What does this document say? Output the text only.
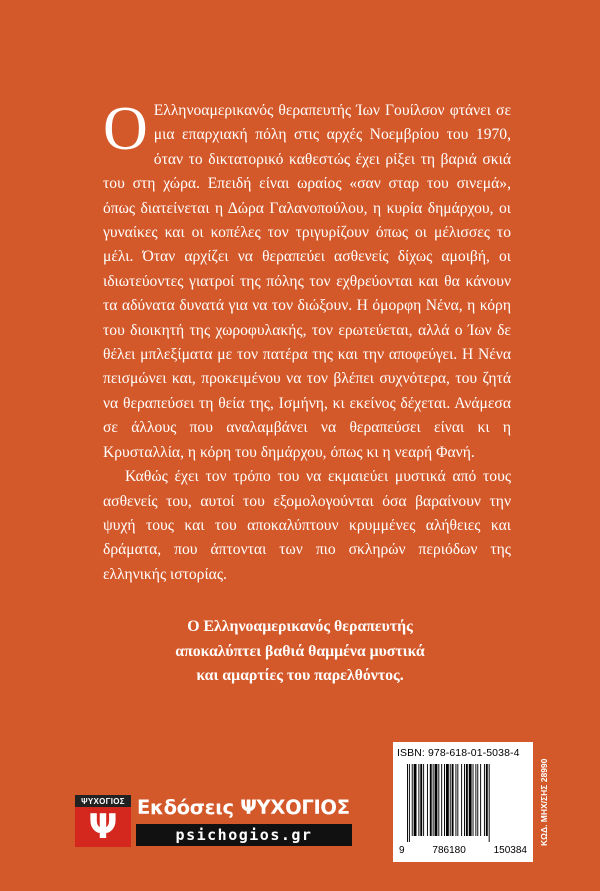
Ο Ελληνοαμερικανός θεραπευτής Ίων Γουίλσον φτάνει σε μια επαρχιακή πόλη στις αρχές Νοεμβρίου του 1970, όταν το δικτατορικό καθεστώς έχει ρίξει τη βαριά σκιά του στη χώρα. Επειδή είναι ωραίος «σαν σταρ του σινεμά», όπως διατείνεται η Δώρα Γαλανοπούλου, η κυρία δημάρχου, οι γυναίκες και οι κοπέλες τον τριγυρίζουν όπως οι μέλισσες το μέλι. Όταν αρχίζει να θεραπεύει ασθενείς δίχως αμοιβή, οι ιδιωτεύοντες γιατροί της πόλης τον εχθρεύονται και θα κάνουν τα αδύνατα δυνατά για να τον διώξουν. Η όμορφη Νένα, η κόρη του διοικητή της χωροφυλακής, τον ερωτεύεται, αλλά ο Ίων δε θέλει μπλεξίματα με τον πατέρα της και την αποφεύγει. Η Νένα πεισμώνει και, προκειμένου να τον βλέπει συχνότερα, του ζητά να θεραπεύσει τη θεία της, Ισμήνη, κι εκείνος δέχεται. Ανάμεσα σε άλλους που αναλαμβάνει να θεραπεύσει είναι κι η Κρυσταλλία, η κόρη του δημάρχου, όπως κι η νεαρή Φανή.

Καθώς έχει τον τρόπο του να εκμαιεύει μυστικά από τους ασθενείς του, αυτοί του εξομολογούνται όσα βαραίνουν την ψυχή τους και του αποκαλύπτουν κρυμμένες αλήθειες και δράματα, που άπτονται των πιο σκληρών περιόδων της ελληνικής ιστορίας.

Ο Ελληνοαμερικανός θεραπευτής
αποκαλύπτει βαθιά θαμμένα μυστικά
και αμαρτίες του παρελθόντος.
ΨΥΧΟΓΙΟΣ
Ψ	Εκδόσεις ΨΥΧΟΓΙΟΣ
psichogios.gr
ISBN: 978-618-01-5038-4
9	786180	150384
ΚΩΔ. ΜΗΧ/ΣΗΣ 28990
